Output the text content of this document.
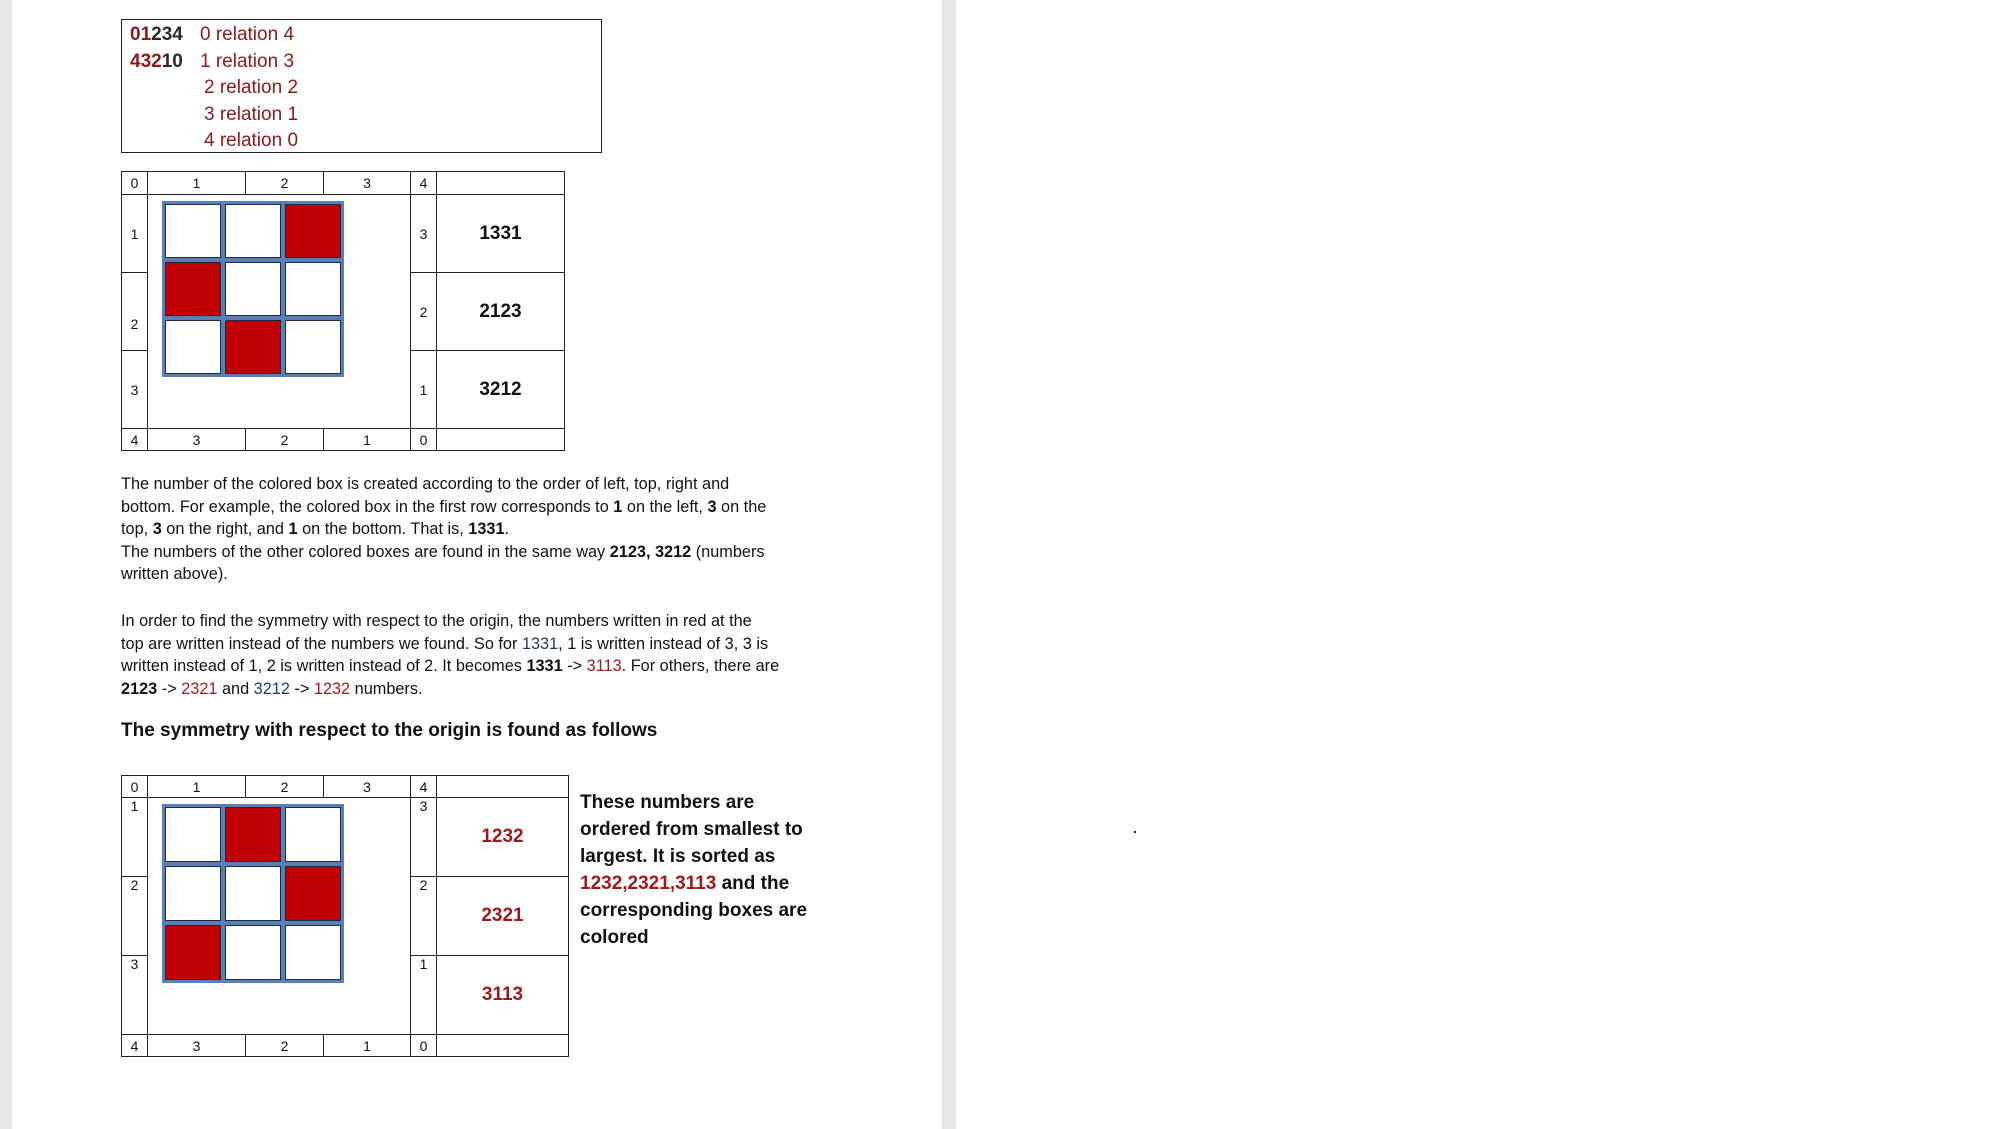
01234 0 relation 4
43210 1 relation 3
2 relation 2
3 relation 1
4 relation 0
0	1	2	3	4	
1				3	1331
2				2	2123
3				1	3212
4	3	2	1	0	
The number of the colored box is created according to the order of left, top, right and
bottom. For example, the colored box in the first row corresponds to 1 on the left, 3 on the
top, 3 on the right, and 1 on the bottom. That is, 1331.
The numbers of the other colored boxes are found in the same way 2123, 3212 (numbers
written above).
In order to find the symmetry with respect to the origin, the numbers written in red at the
top are written instead of the numbers we found. So for 1331, 1 is written instead of 3, 3 is
written instead of 1, 2 is written instead of 2. It becomes 1331 -> 3113. For others, there are
2123 -> 2321 and 3212 -> 1232 numbers.
The symmetry with respect to the origin is found as follows
0	1	2	3	4	
1				3	1232
2				2	2321
3				1	3113
4	3	2	1	0	
These numbers are ordered from smallest to largest. It is sorted as 1232,2321,3113 and the corresponding boxes are colored
